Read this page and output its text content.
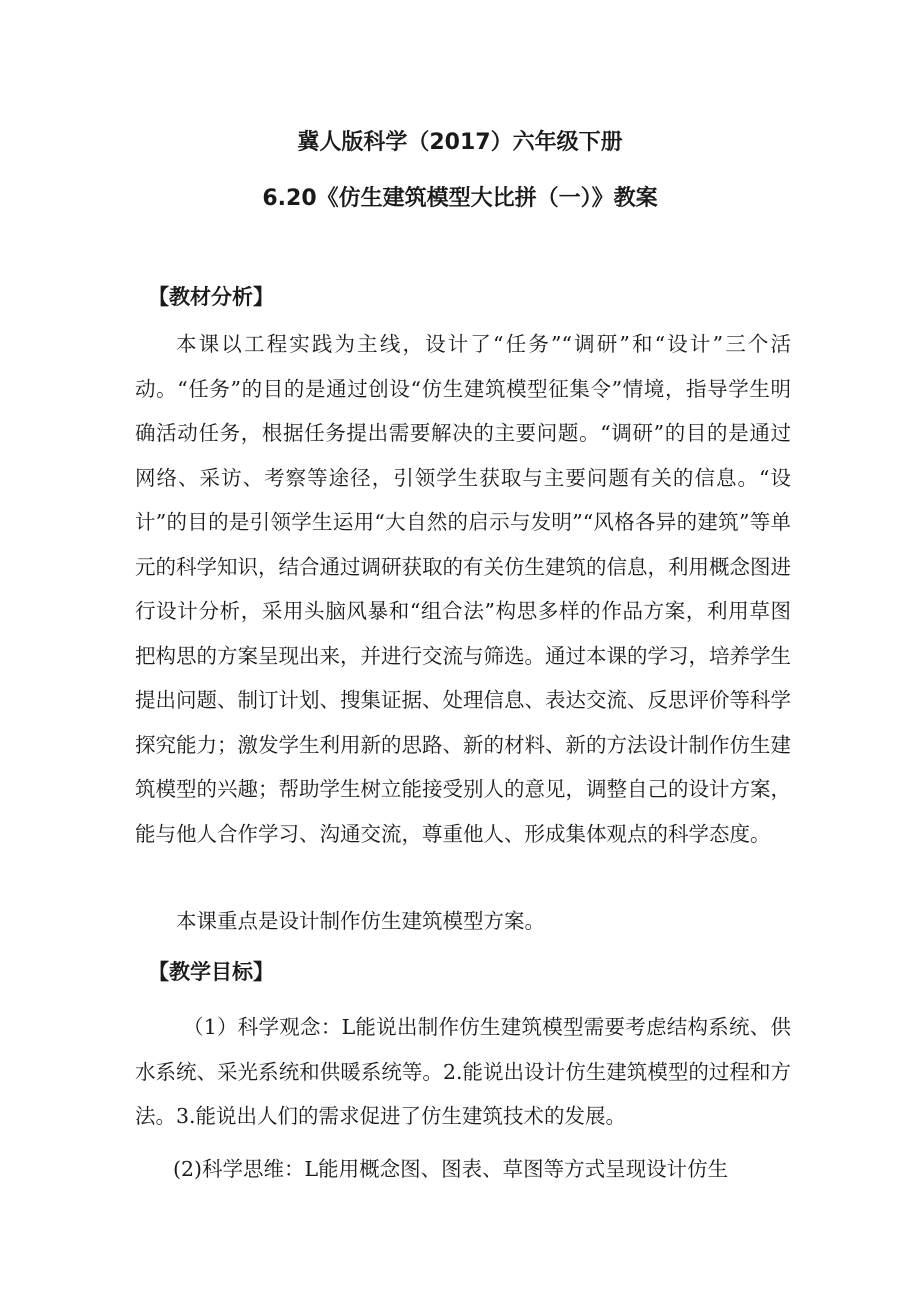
冀人版科学（2017）六年级下册
6.20《仿生建筑模型大比拼（一）》教案
【教材分析】

本课以工程实践为主线，设计了“任务”“调研”和“设计”三个活动。“任务”的目的是通过创设“仿生建筑模型征集令”情境，指导学生明确活动任务，根据任务提出需要解决的主要问题。“调研”的目的是通过网络、采访、考察等途径，引领学生获取与主要问题有关的信息。“设计”的目的是引领学生运用“大自然的启示与发明”“风格各异的建筑”等单元的科学知识，结合通过调研获取的有关仿生建筑的信息，利用概念图进行设计分析，采用头脑风暴和“组合法”构思多样的作品方案，利用草图把构思的方案呈现出来，并进行交流与筛选。通过本课的学习，培养学生提出问题、制订计划、搜集证据、处理信息、表达交流、反思评价等科学探究能力；激发学生利用新的思路、新的材料、新的方法设计制作仿生建筑模型的兴趣；帮助学生树立能接受别人的意见，调整自己的设计方案，能与他人合作学习、沟通交流，尊重他人、形成集体观点的科学态度。

本课重点是设计制作仿生建筑模型方案。

【教学目标】

（1）科学观念：L能说出制作仿生建筑模型需要考虑结构系统、供水系统、采光系统和供暖系统等。2.能说出设计仿生建筑模型的过程和方法。3.能说出人们的需求促进了仿生建筑技术的发展。

(2)科学思维：L能用概念图、图表、草图等方式呈现设计仿生
